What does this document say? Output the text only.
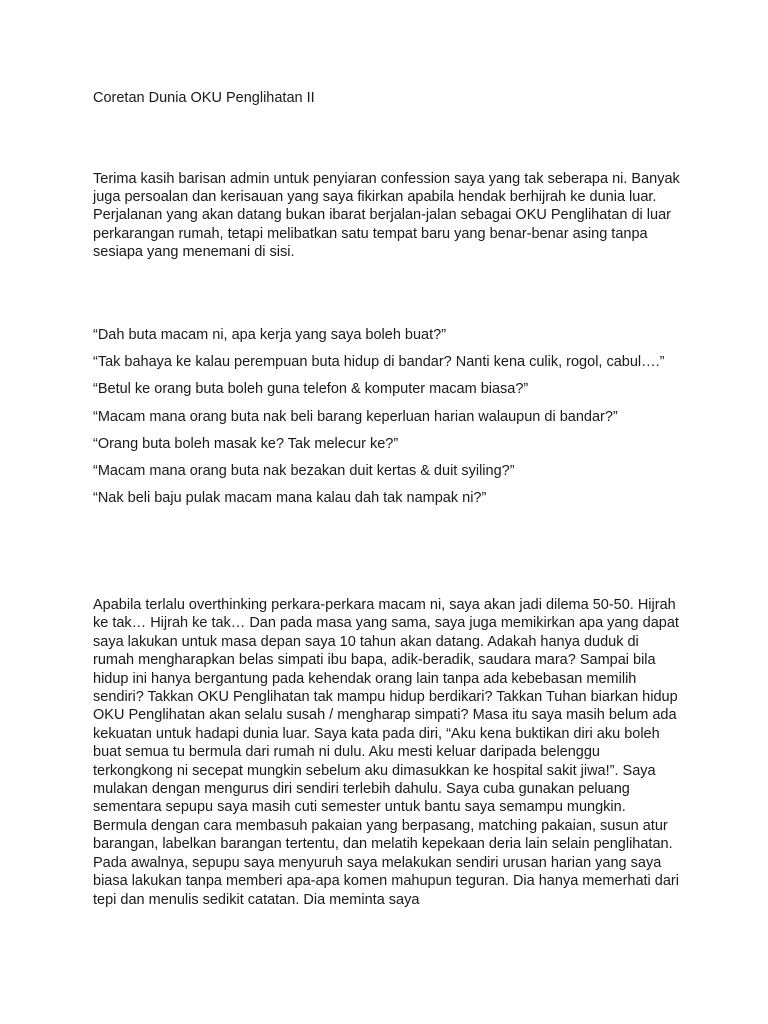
Coretan Dunia OKU Penglihatan II

Terima kasih barisan admin untuk penyiaran confession saya yang tak seberapa ni. Banyak juga persoalan dan kerisauan yang saya fikirkan apabila hendak berhijrah ke dunia luar. Perjalanan yang akan datang bukan ibarat berjalan-jalan sebagai OKU Penglihatan di luar perkarangan rumah, tetapi melibatkan satu tempat baru yang benar-benar asing tanpa sesiapa yang menemani di sisi.

“Dah buta macam ni, apa kerja yang saya boleh buat?”

“Tak bahaya ke kalau perempuan buta hidup di bandar? Nanti kena culik, rogol, cabul….”

“Betul ke orang buta boleh guna telefon & komputer macam biasa?”

“Macam mana orang buta nak beli barang keperluan harian walaupun di bandar?”

“Orang buta boleh masak ke? Tak melecur ke?”

“Macam mana orang buta nak bezakan duit kertas & duit syiling?”

“Nak beli baju pulak macam mana kalau dah tak nampak ni?”

Apabila terlalu overthinking perkara-perkara macam ni, saya akan jadi dilema 50-50. Hijrah ke tak… Hijrah ke tak… Dan pada masa yang sama, saya juga memikirkan apa yang dapat saya lakukan untuk masa depan saya 10 tahun akan datang. Adakah hanya duduk di rumah mengharapkan belas simpati ibu bapa, adik-beradik, saudara mara? Sampai bila hidup ini hanya bergantung pada kehendak orang lain tanpa ada kebebasan memilih sendiri? Takkan OKU Penglihatan tak mampu hidup berdikari? Takkan Tuhan biarkan hidup OKU Penglihatan akan selalu susah / mengharap simpati? Masa itu saya masih belum ada kekuatan untuk hadapi dunia luar. Saya kata pada diri, “Aku kena buktikan diri aku boleh buat semua tu bermula dari rumah ni dulu. Aku mesti keluar daripada belenggu terkongkong ni secepat mungkin sebelum aku dimasukkan ke hospital sakit jiwa!”. Saya mulakan dengan mengurus diri sendiri terlebih dahulu. Saya cuba gunakan peluang sementara sepupu saya masih cuti semester untuk bantu saya semampu mungkin. Bermula dengan cara membasuh pakaian yang berpasang, matching pakaian, susun atur barangan, labelkan barangan tertentu, dan melatih kepekaan deria lain selain penglihatan. Pada awalnya, sepupu saya menyuruh saya melakukan sendiri urusan harian yang saya biasa lakukan tanpa memberi apa-apa komen mahupun teguran. Dia hanya memerhati dari tepi dan menulis sedikit catatan. Dia meminta saya
